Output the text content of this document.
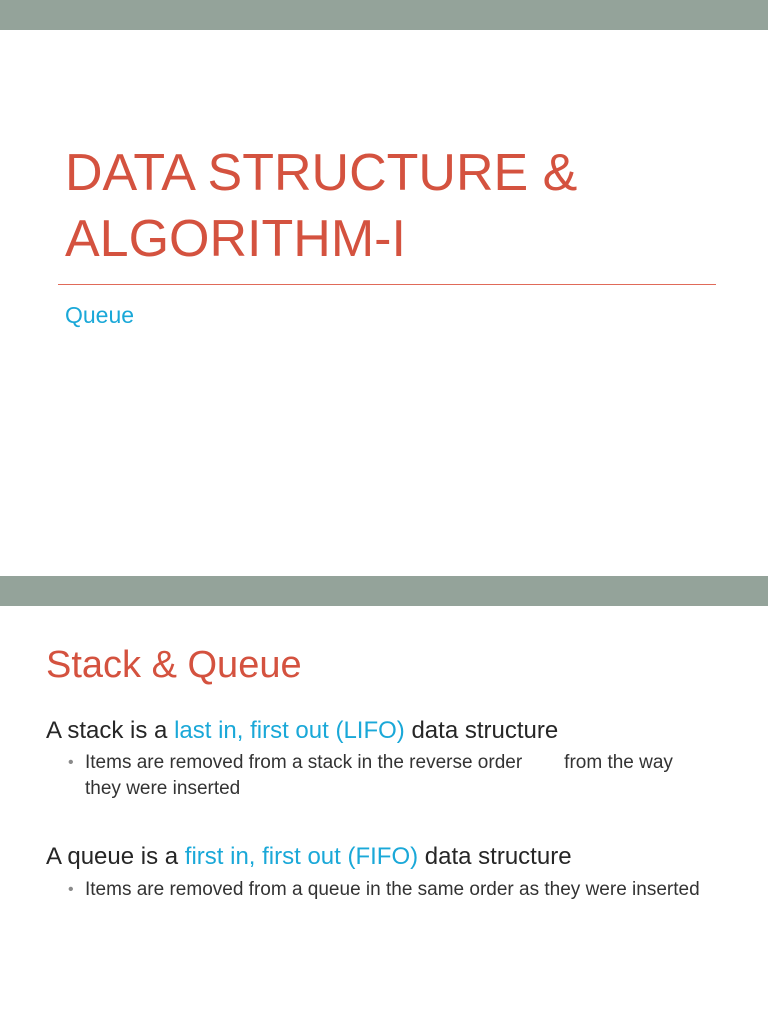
DATA STRUCTURE & ALGORITHM-I

Queue

Stack & Queue

A stack is a last in, first out (LIFO) data structure

• Items are removed from a stack in the reverse order from the way they were inserted

A queue is a first in, first out (FIFO) data structure

• Items are removed from a queue in the same order as they were inserted
